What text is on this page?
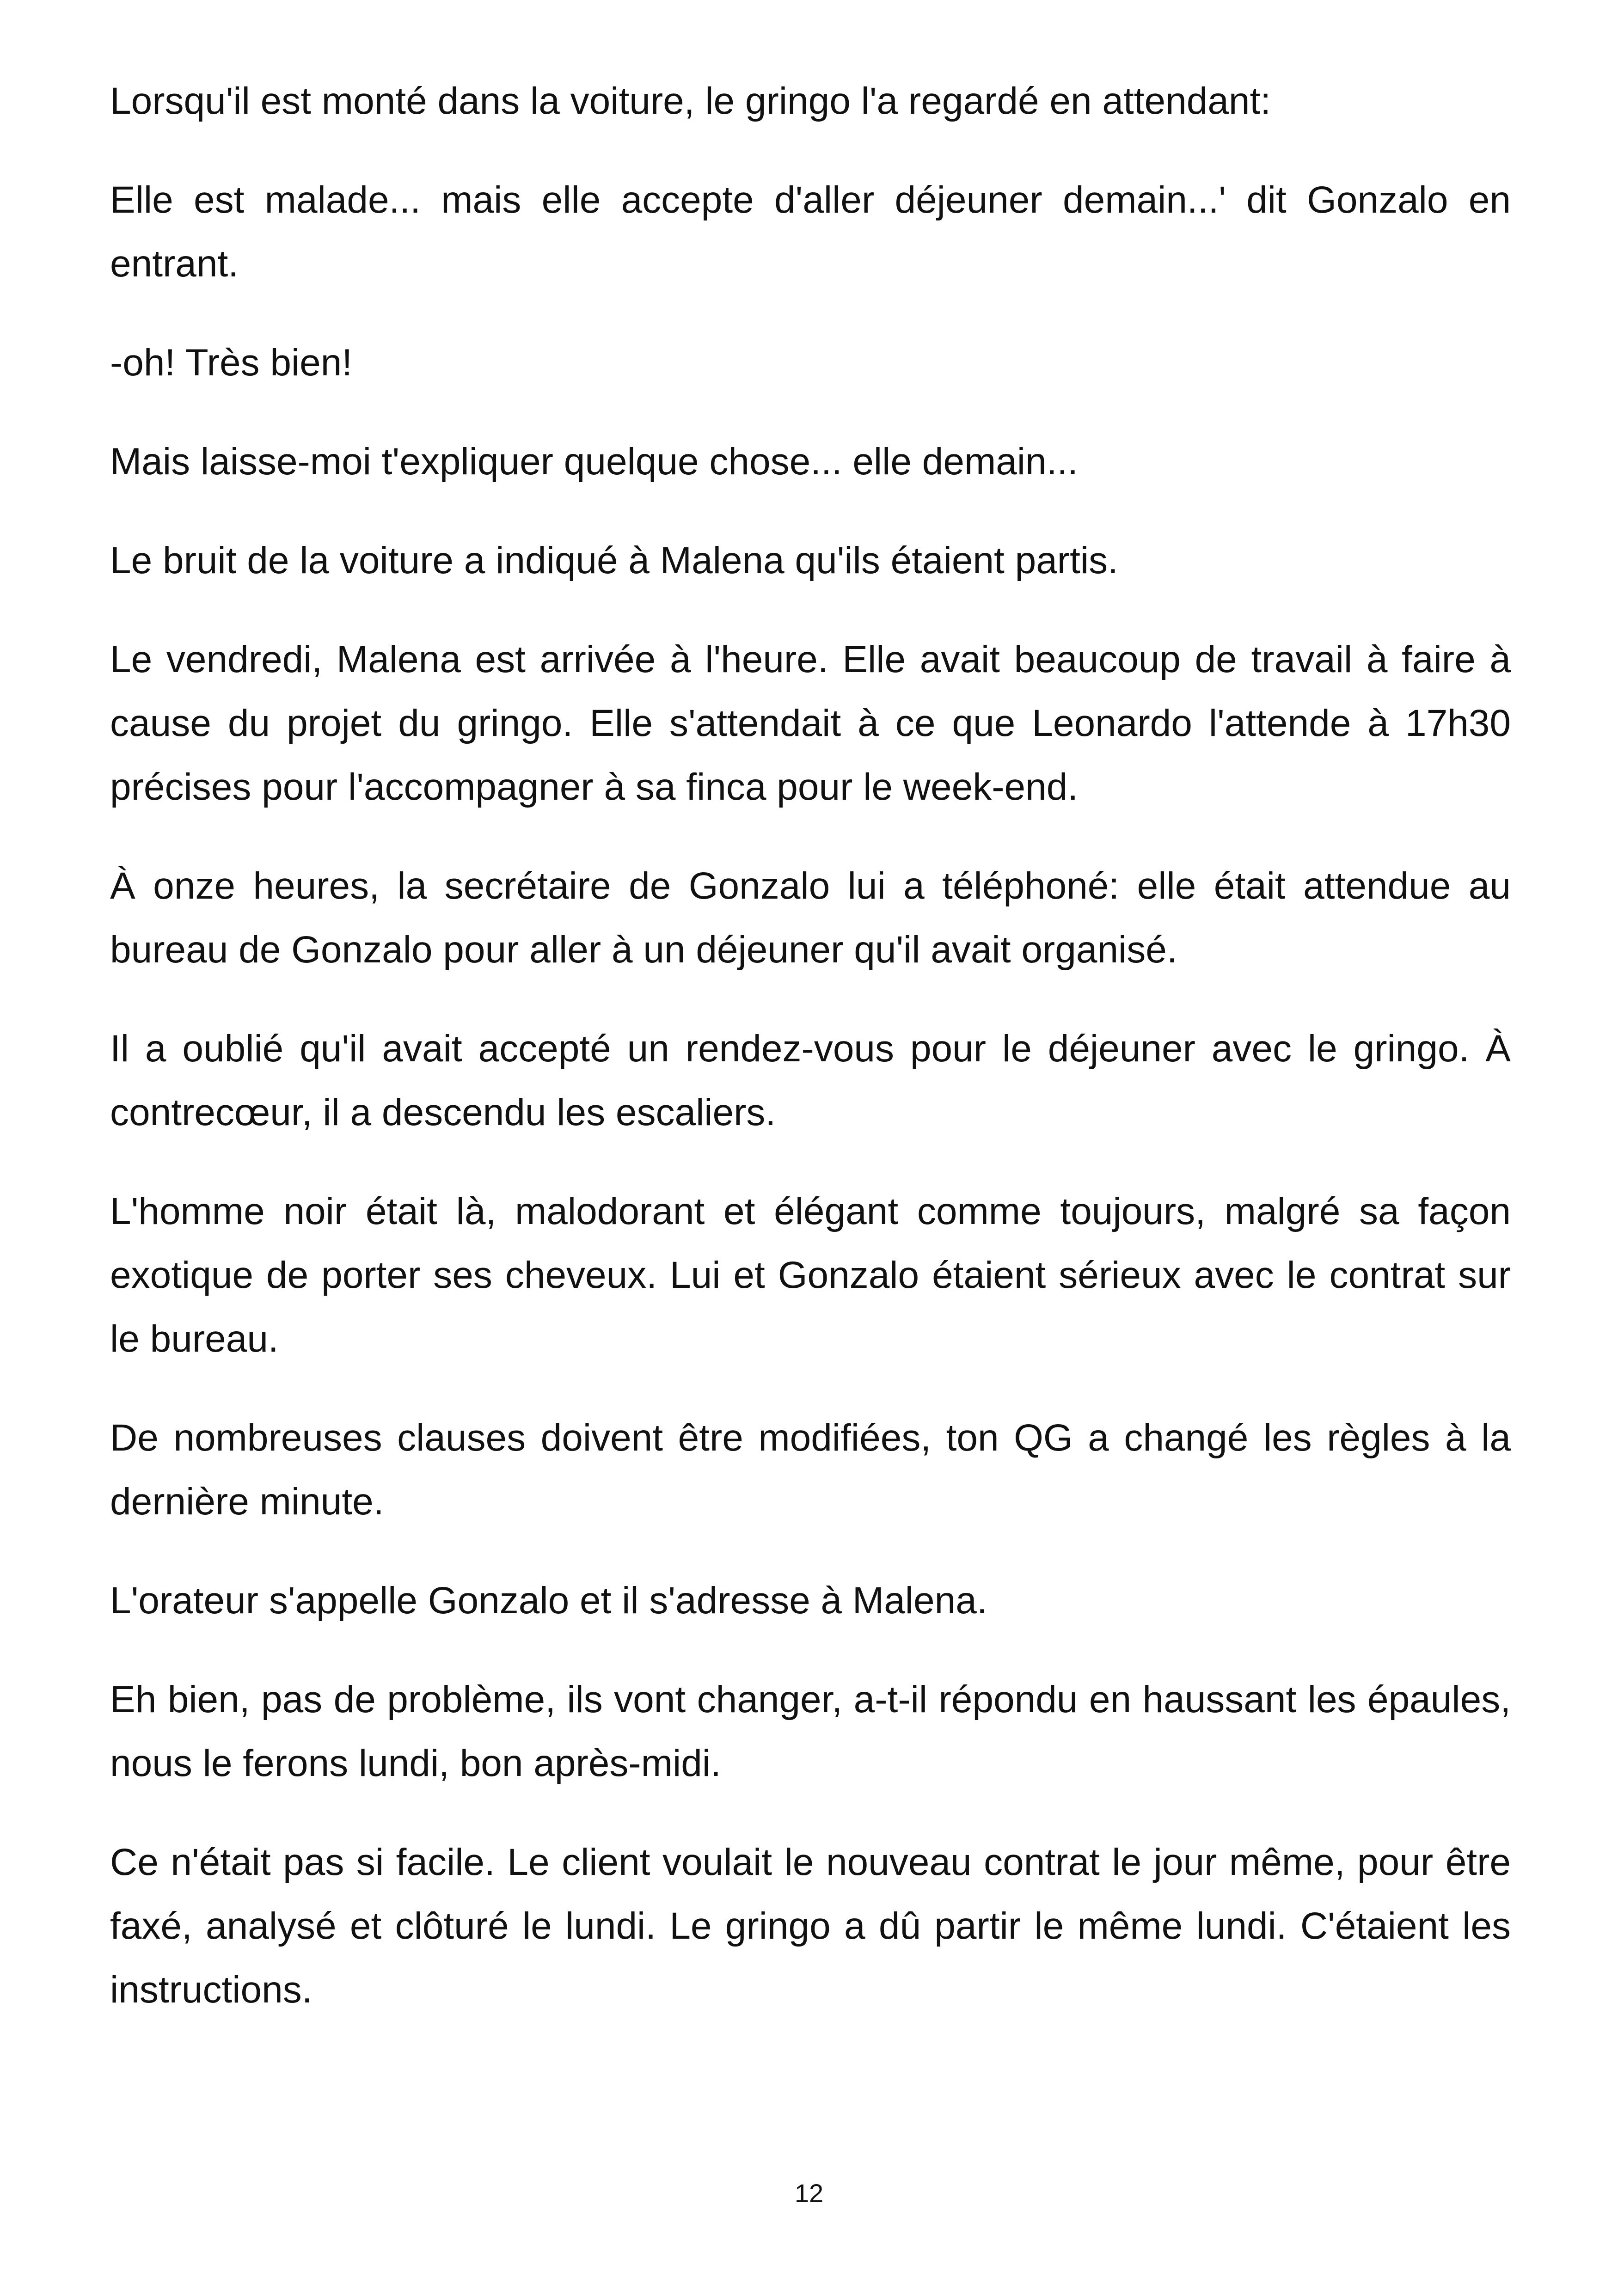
Lorsqu'il est monté dans la voiture, le gringo l'a regardé en attendant:

Elle est malade... mais elle accepte d'aller déjeuner demain...' dit Gonzalo en entrant.

-oh! Très bien!

Mais laisse-moi t'expliquer quelque chose... elle demain...

Le bruit de la voiture a indiqué à Malena qu'ils étaient partis.

Le vendredi, Malena est arrivée à l'heure. Elle avait beaucoup de travail à faire à cause du projet du gringo. Elle s'attendait à ce que Leonardo l'attende à 17h30 précises pour l'accompagner à sa finca pour le week-end.

À onze heures, la secrétaire de Gonzalo lui a téléphoné: elle était attendue au bureau de Gonzalo pour aller à un déjeuner qu'il avait organisé.

Il a oublié qu'il avait accepté un rendez-vous pour le déjeuner avec le gringo. À contrecœur, il a descendu les escaliers.

L'homme noir était là, malodorant et élégant comme toujours, malgré sa façon exotique de porter ses cheveux. Lui et Gonzalo étaient sérieux avec le contrat sur le bureau.

De nombreuses clauses doivent être modifiées, ton QG a changé les règles à la dernière minute.

L'orateur s'appelle Gonzalo et il s'adresse à Malena.

Eh bien, pas de problème, ils vont changer, a-t-il répondu en haussant les épaules, nous le ferons lundi, bon après-midi.

Ce n'était pas si facile. Le client voulait le nouveau contrat le jour même, pour être faxé, analysé et clôturé le lundi. Le gringo a dû partir le même lundi. C'étaient les instructions.

12
